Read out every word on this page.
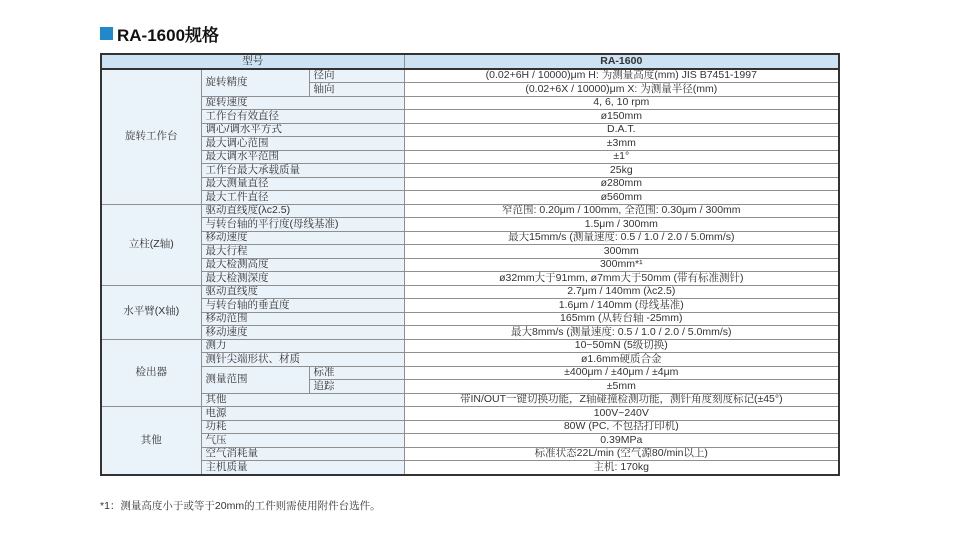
RA-1600规格
型号			RA-1600
旋转工作台	旋转精度	径向	(0.02+6H / 10000)μm H: 为测量高度(mm) JIS B7451-1997
		轴向	(0.02+6X / 10000)μm X: 为测量半径(mm)
	旋转速度		4, 6, 10 rpm
	工作台有效直径		ø150mm
	调心/调水平方式		D.A.T.
	最大调心范围		±3mm
	最大调水平范围		±1°
	工作台最大承载质量		25kg
	最大测量直径		ø280mm
	最大工件直径		ø560mm
立柱(Z轴)	驱动直线度(λc2.5)		窄范围: 0.20μm / 100mm, 全范围: 0.30μm / 300mm
	与转台轴的平行度(母线基准)		1.5μm / 300mm
	移动速度		最大15mm/s (测量速度: 0.5 / 1.0 / 2.0 / 5.0mm/s)
	最大行程		300mm
	最大检测高度		300mm*¹
	最大检测深度		ø32mm大于91mm, ø7mm大于50mm (带有标准测针)
水平臂(X轴)	驱动直线度		2.7μm / 140mm (λc2.5)
	与转台轴的垂直度		1.6μm / 140mm (母线基准)
	移动范围		165mm (从转台轴 -25mm)
	移动速度		最大8mm/s (测量速度: 0.5 / 1.0 / 2.0 / 5.0mm/s)
检出器	测力		10~50mN (5级切换)
	测针尖端形状、材质		ø1.6mm硬质合金
	测量范围	标准	±400μm / ±40μm / ±4μm
		追踪	±5mm
	其他		带IN/OUT一键切换功能，Z轴碰撞检测功能，测针角度刻度标记(±45°)
其他	电源		100V~240V
	功耗		80W (PC, 不包括打印机)
	气压		0.39MPa
	空气消耗量		标准状态22L/min (空气源80/min以上)
	主机质量		主机: 170kg
*1：测量高度小于或等于20mm的工件则需使用附件台选件。
